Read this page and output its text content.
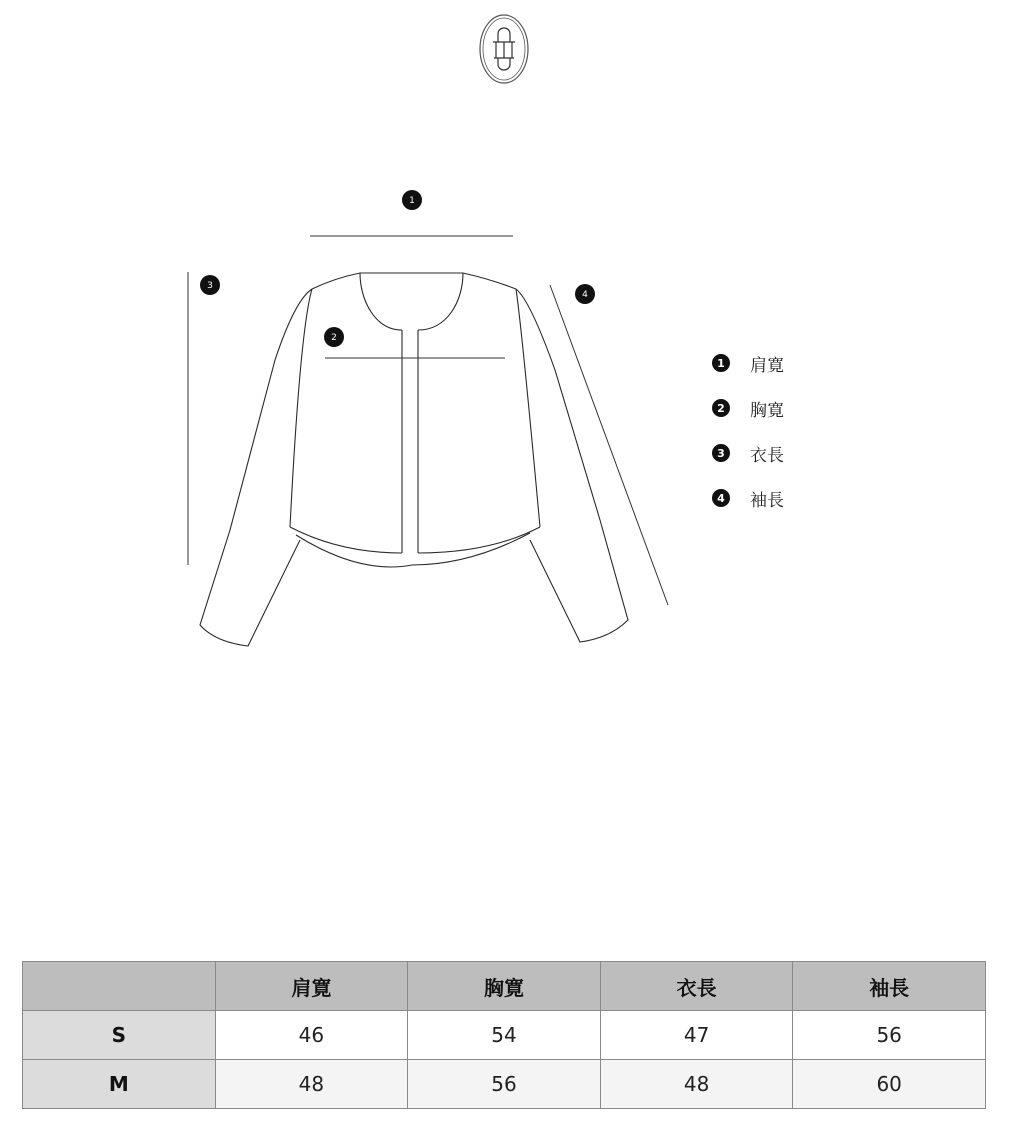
1
2
3
4
1	肩寛
2	胸寛
3	衣長
4	袖長
	肩寛	胸寛	衣長	袖長
S	46	54	47	56
M	48	56	48	60
